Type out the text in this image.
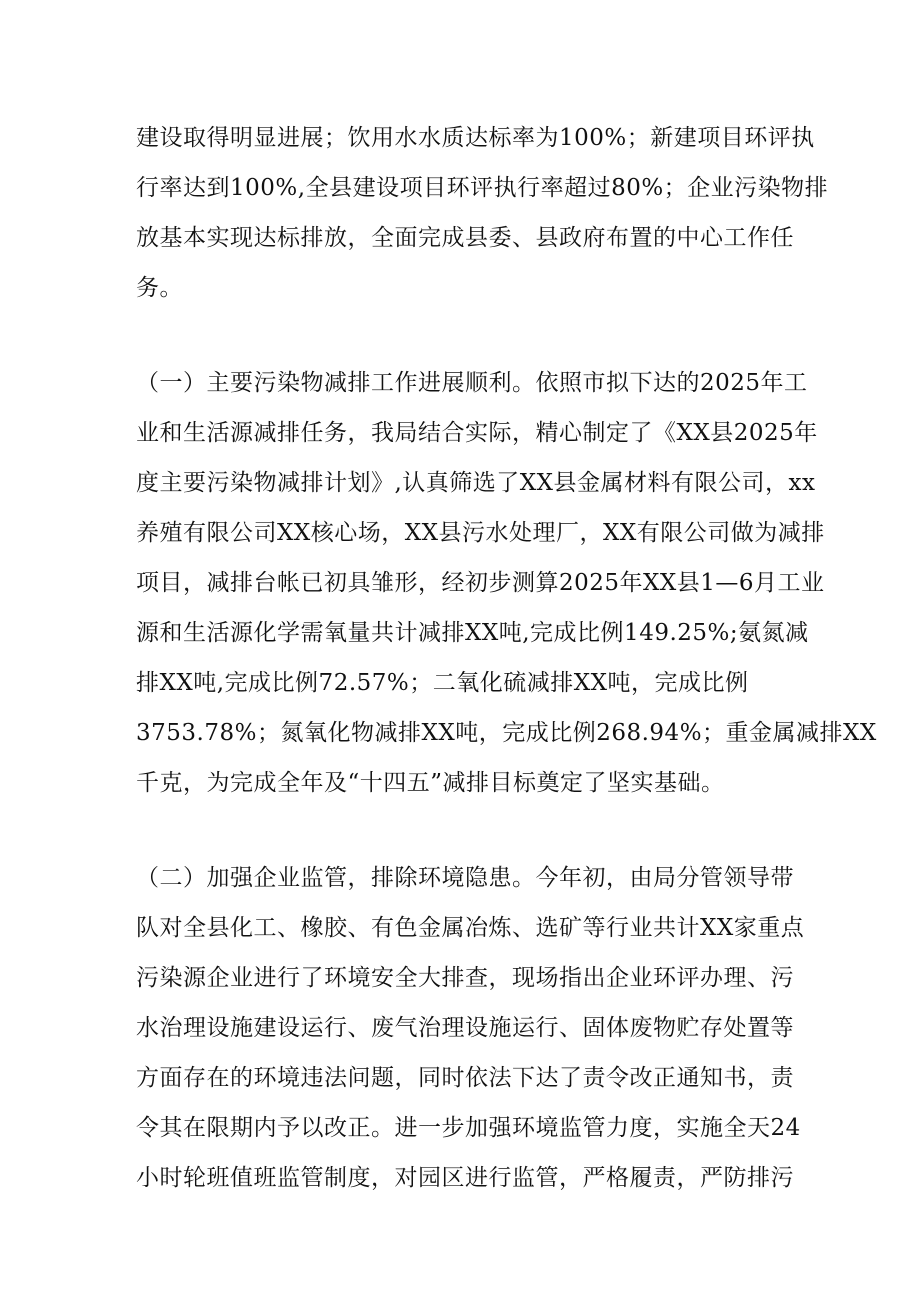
建设取得明显进展；饮用水水质达标率为100%；新建项目环评执
行率达到100%,全县建设项目环评执行率超过80%；企业污染物排
放基本实现达标排放，全面完成县委、县政府布置的中心工作任
务。
（一）主要污染物减排工作进展顺利。依照市拟下达的2025年工
业和生活源减排任务，我局结合实际，精心制定了《XX县2025年
度主要污染物减排计划》,认真筛选了XX县金属材料有限公司，xx
养殖有限公司XX核心场，XX县污水处理厂，XX有限公司做为减排
项目，减排台帐已初具雏形，经初步测算2025年XX县1—6月工业
源和生活源化学需氧量共计减排XX吨,完成比例149.25%;氨氮减
排XX吨,完成比例72.57%；二氧化硫减排XX吨，完成比例
3753.78%；氮氧化物减排XX吨，完成比例268.94%；重金属减排XX
千克，为完成全年及“十四五”减排目标奠定了坚实基础。
（二）加强企业监管，排除环境隐患。今年初，由局分管领导带
队对全县化工、橡胶、有色金属冶炼、选矿等行业共计XX家重点
污染源企业进行了环境安全大排查，现场指出企业环评办理、污
水治理设施建设运行、废气治理设施运行、固体废物贮存处置等
方面存在的环境违法问题，同时依法下达了责令改正通知书，责
令其在限期内予以改正。进一步加强环境监管力度，实施全天24
小时轮班值班监管制度，对园区进行监管，严格履责，严防排污
